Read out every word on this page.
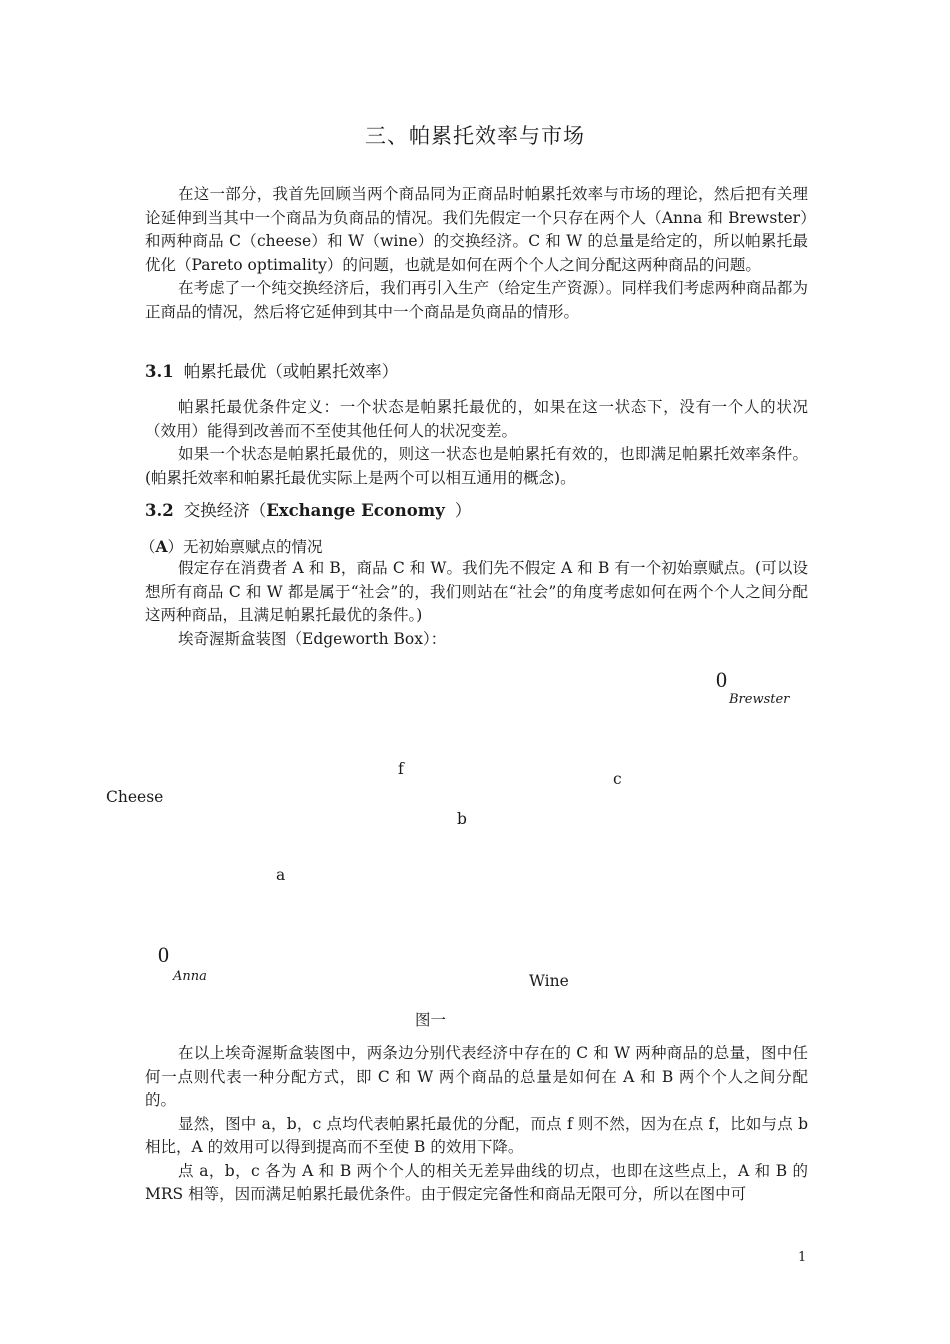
三、帕累托效率与市场

在这一部分，我首先回顾当两个商品同为正商品时帕累托效率与市场的理论，然后把有关理论延伸到当其中一个商品为负商品的情况。我们先假定一个只存在两个人（Anna 和 Brewster）和两种商品 C（cheese）和 W（wine）的交换经济。C 和 W 的总量是给定的，所以帕累托最优化（Pareto optimality）的问题，也就是如何在两个个人之间分配这两种商品的问题。

在考虑了一个纯交换经济后，我们再引入生产（给定生产资源）。同样我们考虑两种商品都为正商品的情况，然后将它延伸到其中一个商品是负商品的情形。

3.1 帕累托最优（或帕累托效率）

帕累托最优条件定义：一个状态是帕累托最优的，如果在这一状态下，没有一个人的状况（效用）能得到改善而不至使其他任何人的状况变差。

如果一个状态是帕累托最优的，则这一状态也是帕累托有效的，也即满足帕累托效率条件。(帕累托效率和帕累托最优实际上是两个可以相互通用的概念)。

3.2 交换经济（Exchange Economy ）
（A）无初始禀赋点的情况

假定存在消费者 A 和 B，商品 C 和 W。我们先不假定 A 和 B 有一个初始禀赋点。(可以设想所有商品 C 和 W 都是属于“社会”的，我们则站在“社会”的角度考虑如何在两个个人之间分配这两种商品，且满足帕累托最优的条件。)

埃奇渥斯盒装图（Edgeworth Box）：

0
Brewster
f
c
Cheese
b
a
0
Anna	Wine
图一

在以上埃奇渥斯盒装图中，两条边分别代表经济中存在的 C 和 W 两种商品的总量，图中任何一点则代表一种分配方式，即 C 和 W 两个商品的总量是如何在 A 和 B 两个个人之间分配的。

显然，图中 a，b，c 点均代表帕累托最优的分配，而点 f 则不然，因为在点 f，比如与点 b 相比，A 的效用可以得到提高而不至使 B 的效用下降。

点 a，b，c 各为 A 和 B 两个个人的相关无差异曲线的切点，也即在这些点上，A 和 B 的 MRS 相等，因而满足帕累托最优条件。由于假定完备性和商品无限可分，所以在图中可

1
